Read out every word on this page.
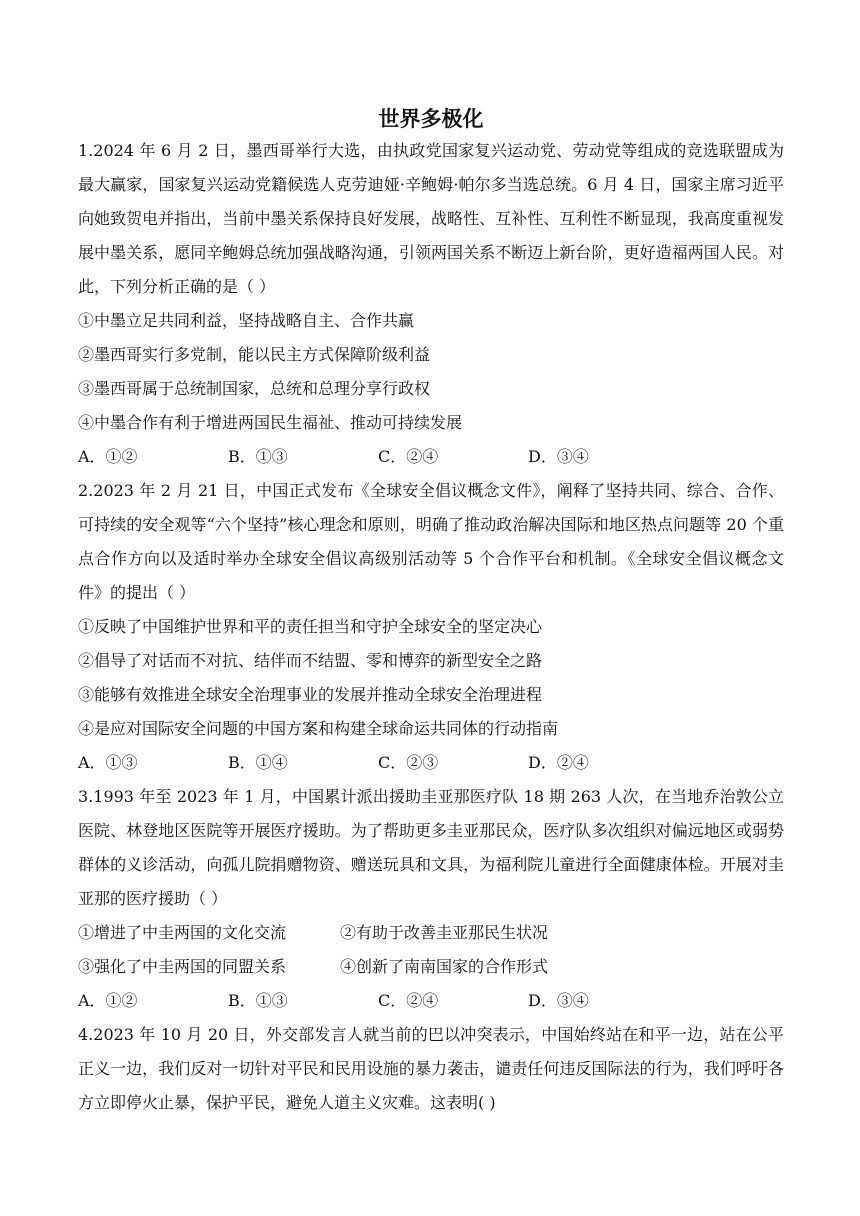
世界多极化

1.2024 年 6 月 2 日，墨西哥举行大选，由执政党国家复兴运动党、劳动党等组成的竞选联盟成为最大赢家，国家复兴运动党籍候选人克劳迪娅·辛鲍姆·帕尔多当选总统。6 月 4 日，国家主席习近平向她致贺电并指出，当前中墨关系保持良好发展，战略性、互补性、互利性不断显现，我高度重视发展中墨关系，愿同辛鲍姆总统加强战略沟通，引领两国关系不断迈上新台阶，更好造福两国人民。对此，下列分析正确的是（ ）

①中墨立足共同利益，坚持战略自主、合作共赢

②墨西哥实行多党制，能以民主方式保障阶级利益

③墨西哥属于总统制国家，总统和总理分享行政权

④中墨合作有利于增进两国民生福祉、推动可持续发展

A．①②	B．①③	C．②④	D．③④

2.2023 年 2 月 21 日，中国正式发布《全球安全倡议概念文件》，阐释了坚持共同、综合、合作、可持续的安全观等“六个坚持”核心理念和原则，明确了推动政治解决国际和地区热点问题等 20 个重点合作方向以及适时举办全球安全倡议高级别活动等 5 个合作平台和机制。《全球安全倡议概念文件》的提出（ ）

①反映了中国维护世界和平的责任担当和守护全球安全的坚定决心

②倡导了对话而不对抗、结伴而不结盟、零和博弈的新型安全之路

③能够有效推进全球安全治理事业的发展并推动全球安全治理进程

④是应对国际安全问题的中国方案和构建全球命运共同体的行动指南

A．①③	B．①④	C．②③	D．②④

3.1993 年至 2023 年 1 月，中国累计派出援助圭亚那医疗队 18 期 263 人次，在当地乔治敦公立医院、林登地区医院等开展医疗援助。为了帮助更多圭亚那民众，医疗队多次组织对偏远地区或弱势群体的义诊活动，向孤儿院捐赠物资、赠送玩具和文具，为福利院儿童进行全面健康体检。开展对圭亚那的医疗援助（ ）

①增进了中圭两国的文化交流	②有助于改善圭亚那民生状况

③强化了中圭两国的同盟关系	④创新了南南国家的合作形式

A．①②	B．①③	C．②④	D．③④

4.2023 年 10 月 20 日，外交部发言人就当前的巴以冲突表示，中国始终站在和平一边，站在公平正义一边，我们反对一切针对平民和民用设施的暴力袭击，谴责任何违反国际法的行为，我们呼吁各方立即停火止暴，保护平民，避免人道主义灾难。这表明( )
